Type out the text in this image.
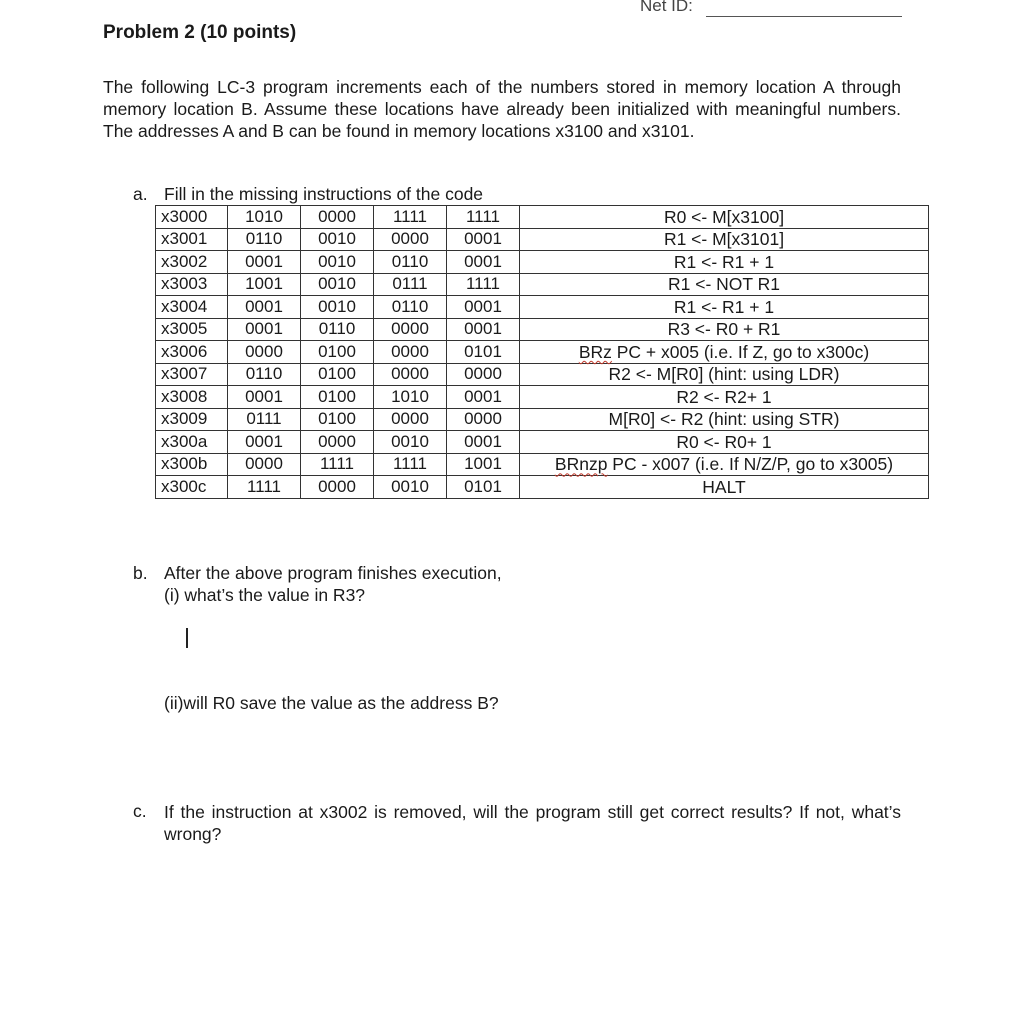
Net ID:
Problem 2 (10 points)
The following LC-3 program increments each of the numbers stored in memory location A through memory location B. Assume these locations have already been initialized with meaningful numbers. The addresses A and B can be found in memory locations x3100 and x3101.
a. Fill in the missing instructions of the code
x3000	1010	0000	1111	1111	R0 <- M[x3100]
x3001	0110	0010	0000	0001	R1 <- M[x3101]
x3002	0001	0010	0110	0001	R1 <- R1 + 1
x3003	1001	0010	0111	1111	R1 <- NOT R1
x3004	0001	0010	0110	0001	R1 <- R1 + 1
x3005	0001	0110	0000	0001	R3 <- R0 + R1
x3006	0000	0100	0000	0101	BRz PC + x005 (i.e. If Z, go to x300c)
x3007	0110	0100	0000	0000	R2 <- M[R0] (hint: using LDR)
x3008	0001	0100	1010	0001	R2 <- R2+ 1
x3009	0111	0100	0000	0000	M[R0] <- R2 (hint: using STR)
x300a	0001	0000	0010	0001	R0 <- R0+ 1
x300b	0000	1111	1111	1001	BRnzp PC - x007 (i.e. If N/Z/P, go to x3005)
x300c	1111	0000	0010	0101	HALT
b. After the above program finishes execution,
(i) what’s the value in R3?
(ii)will R0 save the value as the address B?
c. If the instruction at x3002 is removed, will the program still get correct results? If not, what’s wrong?
